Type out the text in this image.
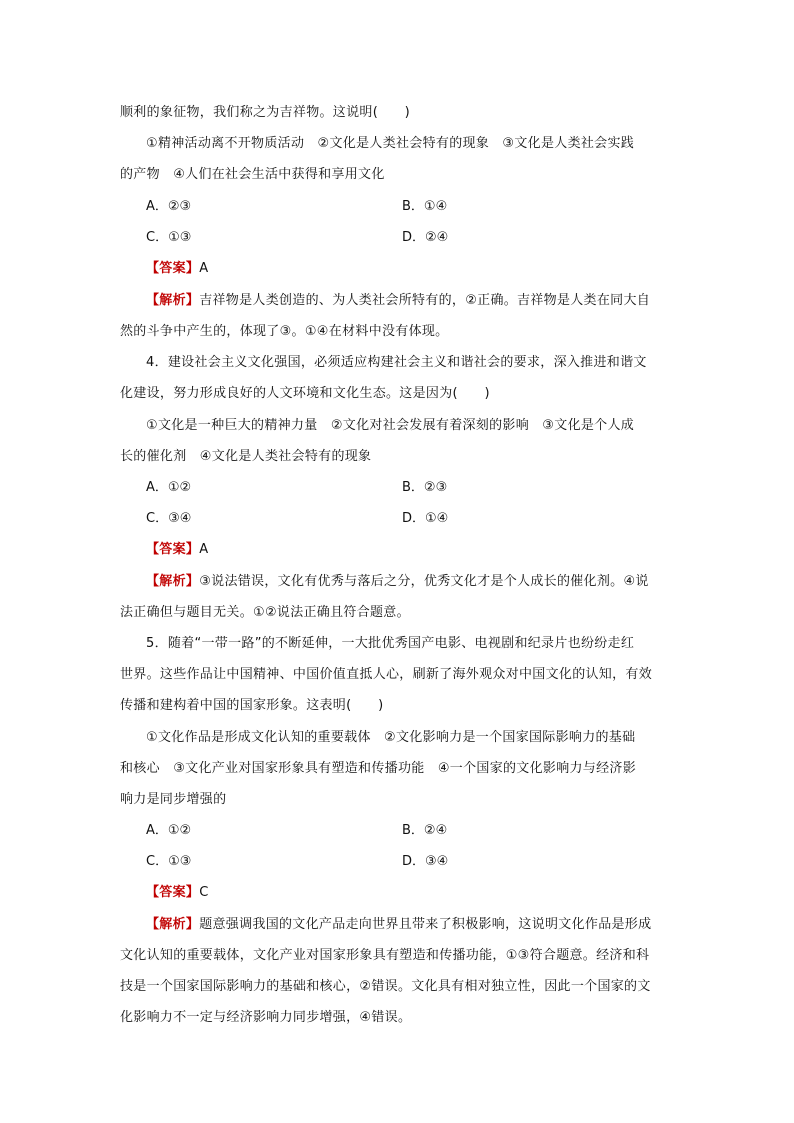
顺利的象征物，我们称之为吉祥物。这说明(　　)
①精神活动离不开物质活动　②文化是人类社会特有的现象　③文化是人类社会实践
的产物　④人们在社会生活中获得和享用文化
A．②③	B．①④
C．①③	D．②④
【答案】A
【解析】吉祥物是人类创造的、为人类社会所特有的，②正确。吉祥物是人类在同大自
然的斗争中产生的，体现了③。①④在材料中没有体现。
4．建设社会主义文化强国，必须适应构建社会主义和谐社会的要求，深入推进和谐文
化建设，努力形成良好的人文环境和文化生态。这是因为(　　)
①文化是一种巨大的精神力量　②文化对社会发展有着深刻的影响　③文化是个人成
长的催化剂　④文化是人类社会特有的现象
A．①②	B．②③
C．③④	D．①④
【答案】A
【解析】③说法错误，文化有优秀与落后之分，优秀文化才是个人成长的催化剂。④说
法正确但与题目无关。①②说法正确且符合题意。
5．随着“一带一路”的不断延伸，一大批优秀国产电影、电视剧和纪录片也纷纷走红
世界。这些作品让中国精神、中国价值直抵人心，刷新了海外观众对中国文化的认知，有效
传播和建构着中国的国家形象。这表明(　　)
①文化作品是形成文化认知的重要载体　②文化影响力是一个国家国际影响力的基础
和核心　③文化产业对国家形象具有塑造和传播功能　④一个国家的文化影响力与经济影
响力是同步增强的
A．①②	B．②④
C．①③	D．③④
【答案】C
【解析】题意强调我国的文化产品走向世界且带来了积极影响，这说明文化作品是形成
文化认知的重要载体，文化产业对国家形象具有塑造和传播功能，①③符合题意。经济和科
技是一个国家国际影响力的基础和核心，②错误。文化具有相对独立性，因此一个国家的文
化影响力不一定与经济影响力同步增强，④错误。
